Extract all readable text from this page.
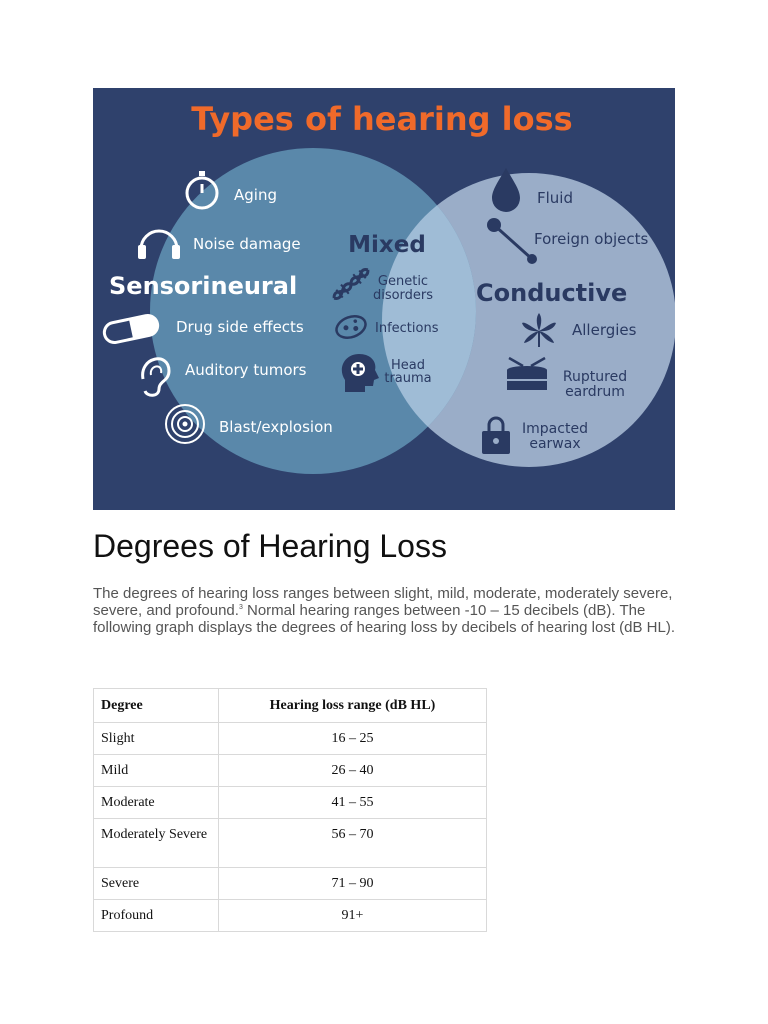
Types of hearing loss
Aging
Noise damage
Sensorineural
Drug side effects
Auditory tumors
Blast/explosion
Mixed
Genetic
disorders
Infections
Head
trauma
Fluid
Foreign objects
Conductive
Allergies
Ruptured
eardrum
Impacted
earwax
Degrees of Hearing Loss

The degrees of hearing loss ranges between slight, mild, moderate, moderately severe, severe, and profound.$^3$ Normal hearing ranges between -10 – 15 decibels (dB). The following graph displays the degrees of hearing loss by decibels of hearing lost (dB HL).

Degree	Hearing loss range (dB HL)
Slight	16 – 25
Mild	26 – 40
Moderate	41 – 55
Moderately Severe	56 – 70
Severe	71 – 90
Profound	91+
